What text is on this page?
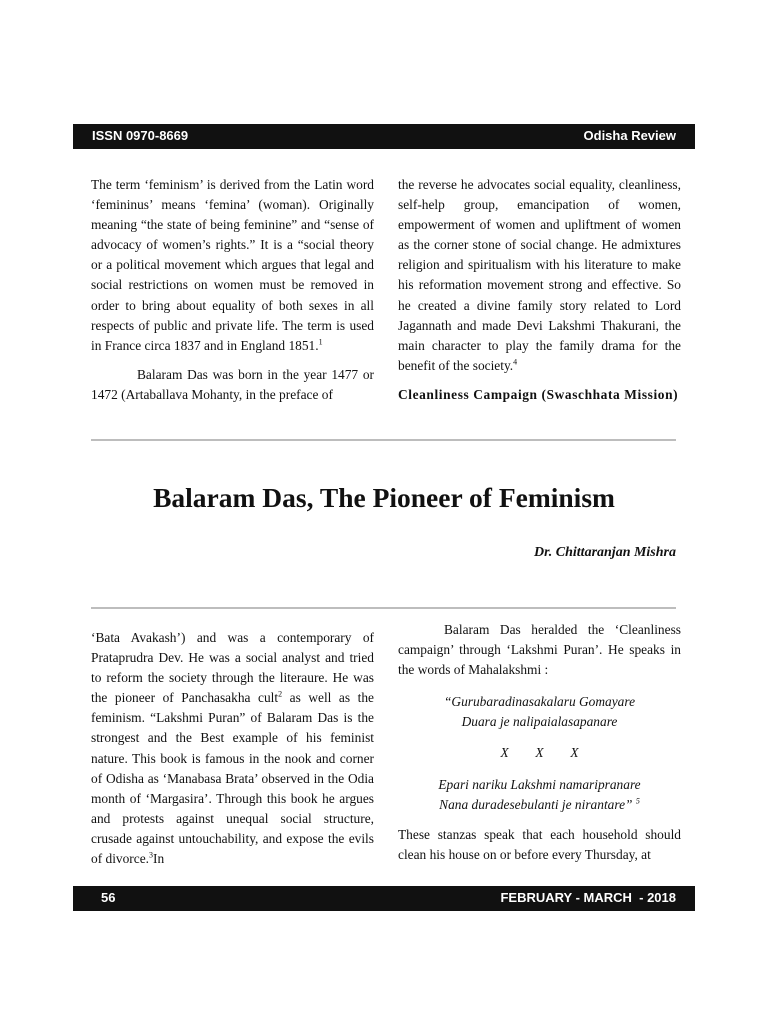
ISSN 0970-8669	Odisha Review

The term ‘feminism’ is derived from the Latin word ‘femininus’ means ‘femina’ (woman). Originally meaning “the state of being feminine” and “sense of advocacy of women’s rights.” It is a “social theory or a political movement which argues that legal and social restrictions on women must be removed in order to bring about equality of both sexes in all respects of public and private life. The term is used in France circa 1837 and in England 1851.$^1$

Balaram Das was born in the year 1477 or 1472 (Artaballava Mohanty, in the preface of

the reverse he advocates social equality, cleanliness, self-help group, emancipation of women, empowerment of women and upliftment of women as the corner stone of social change. He admixtures religion and spiritualism with his literature to make his reformation movement strong and effective. So he created a divine family story related to Lord Jagannath and made Devi Lakshmi Thakurani, the main character to play the family drama for the benefit of the society.$^4$

Cleanliness Campaign (Swaschhata Mission)

Balaram Das, The Pioneer of Feminism
Dr. Chittaranjan Mishra

‘Bata Avakash’) and was a contemporary of Prataprudra Dev. He was a social analyst and tried to reform the society through the literaure. He was the pioneer of Panchasakha cult$^2$ as well as the feminism. “Lakshmi Puran” of Balaram Das is the strongest and the Best example of his feminist nature. This book is famous in the nook and corner of Odisha as ‘Manabasa Brata’ observed in the Odia month of ‘Margasira’. Through this book he argues and protests against unequal social structure, crusade against untouchability, and expose the evils of divorce.$^3$In

Balaram Das heralded the ‘Cleanliness campaign’ through ‘Lakshmi Puran’. He speaks in the words of Mahalakshmi :

“Gurubaradinasakalaru Gomayare

Duara je nalipaialasapanare

X        X        X

Epari nariku Lakshmi namaripranare

Nana duradesebulanti je nirantare” $^5$

These stanzas speak that each household should clean his house on or before every Thursday, at

56	FEBRUARY - MARCH  - 2018
